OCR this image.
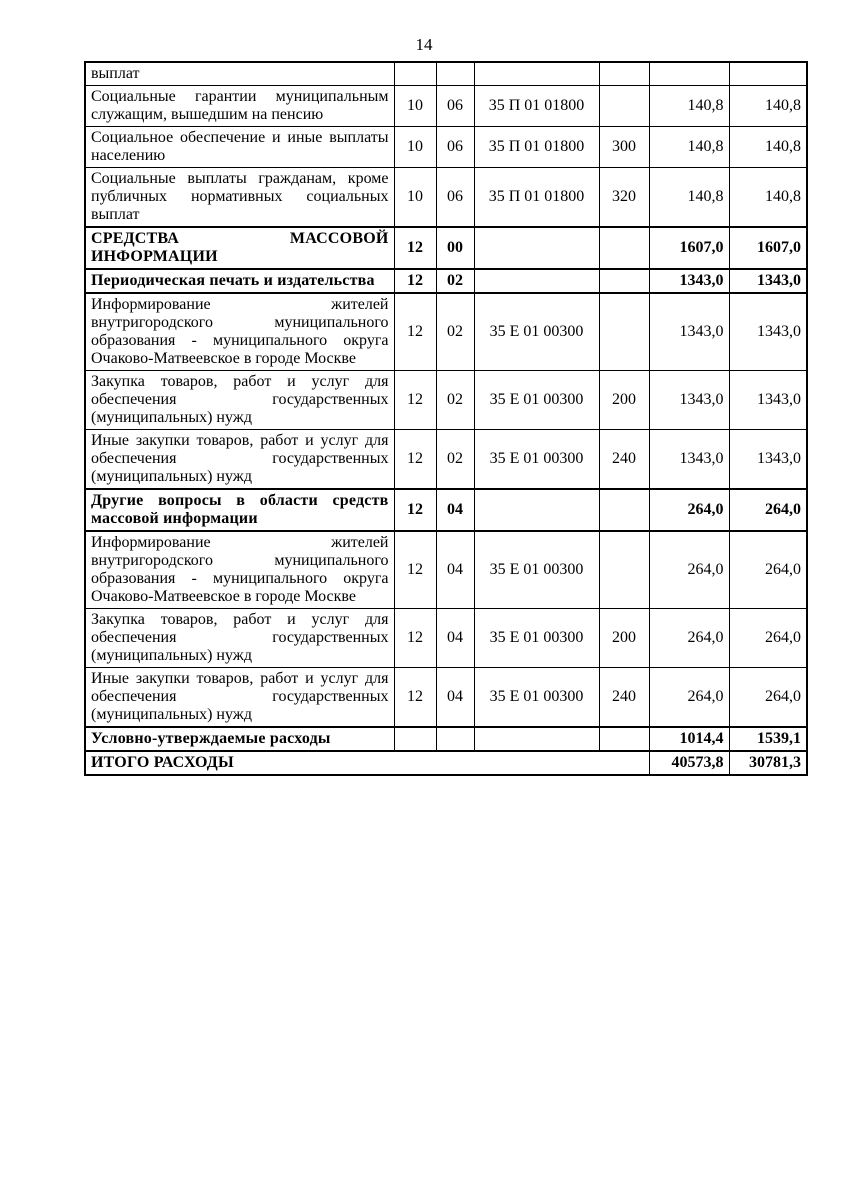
14
выплат						
Социальные гарантии муниципальным служащим, вышедшим на пенсию	10	06	35 П 01 01800		140,8	140,8
Социальное обеспечение и иные выплаты населению	10	06	35 П 01 01800	300	140,8	140,8
Социальные выплаты гражданам, кроме публичных нормативных социальных выплат	10	06	35 П 01 01800	320	140,8	140,8
СРЕДСТВА МАССОВОЙ ИНФОРМАЦИИ	12	00			1607,0	1607,0
Периодическая печать и издательства	12	02			1343,0	1343,0
Информирование жителей внутригородского муниципального образования - муниципального округа Очаково-Матвеевское в городе Москве	12	02	35 Е 01 00300		1343,0	1343,0
Закупка товаров, работ и услуг для обеспечения государственных (муниципальных) нужд	12	02	35 Е 01 00300	200	1343,0	1343,0
Иные закупки товаров, работ и услуг для обеспечения государственных (муниципальных) нужд	12	02	35 Е 01 00300	240	1343,0	1343,0
Другие вопросы в области средств массовой информации	12	04			264,0	264,0
Информирование жителей внутригородского муниципального образования - муниципального округа Очаково-Матвеевское в городе Москве	12	04	35 Е 01 00300		264,0	264,0
Закупка товаров, работ и услуг для обеспечения государственных (муниципальных) нужд	12	04	35 Е 01 00300	200	264,0	264,0
Иные закупки товаров, работ и услуг для обеспечения государственных (муниципальных) нужд	12	04	35 Е 01 00300	240	264,0	264,0
Условно-утверждаемые расходы					1014,4	1539,1
ИТОГО РАСХОДЫ					40573,8	30781,3
